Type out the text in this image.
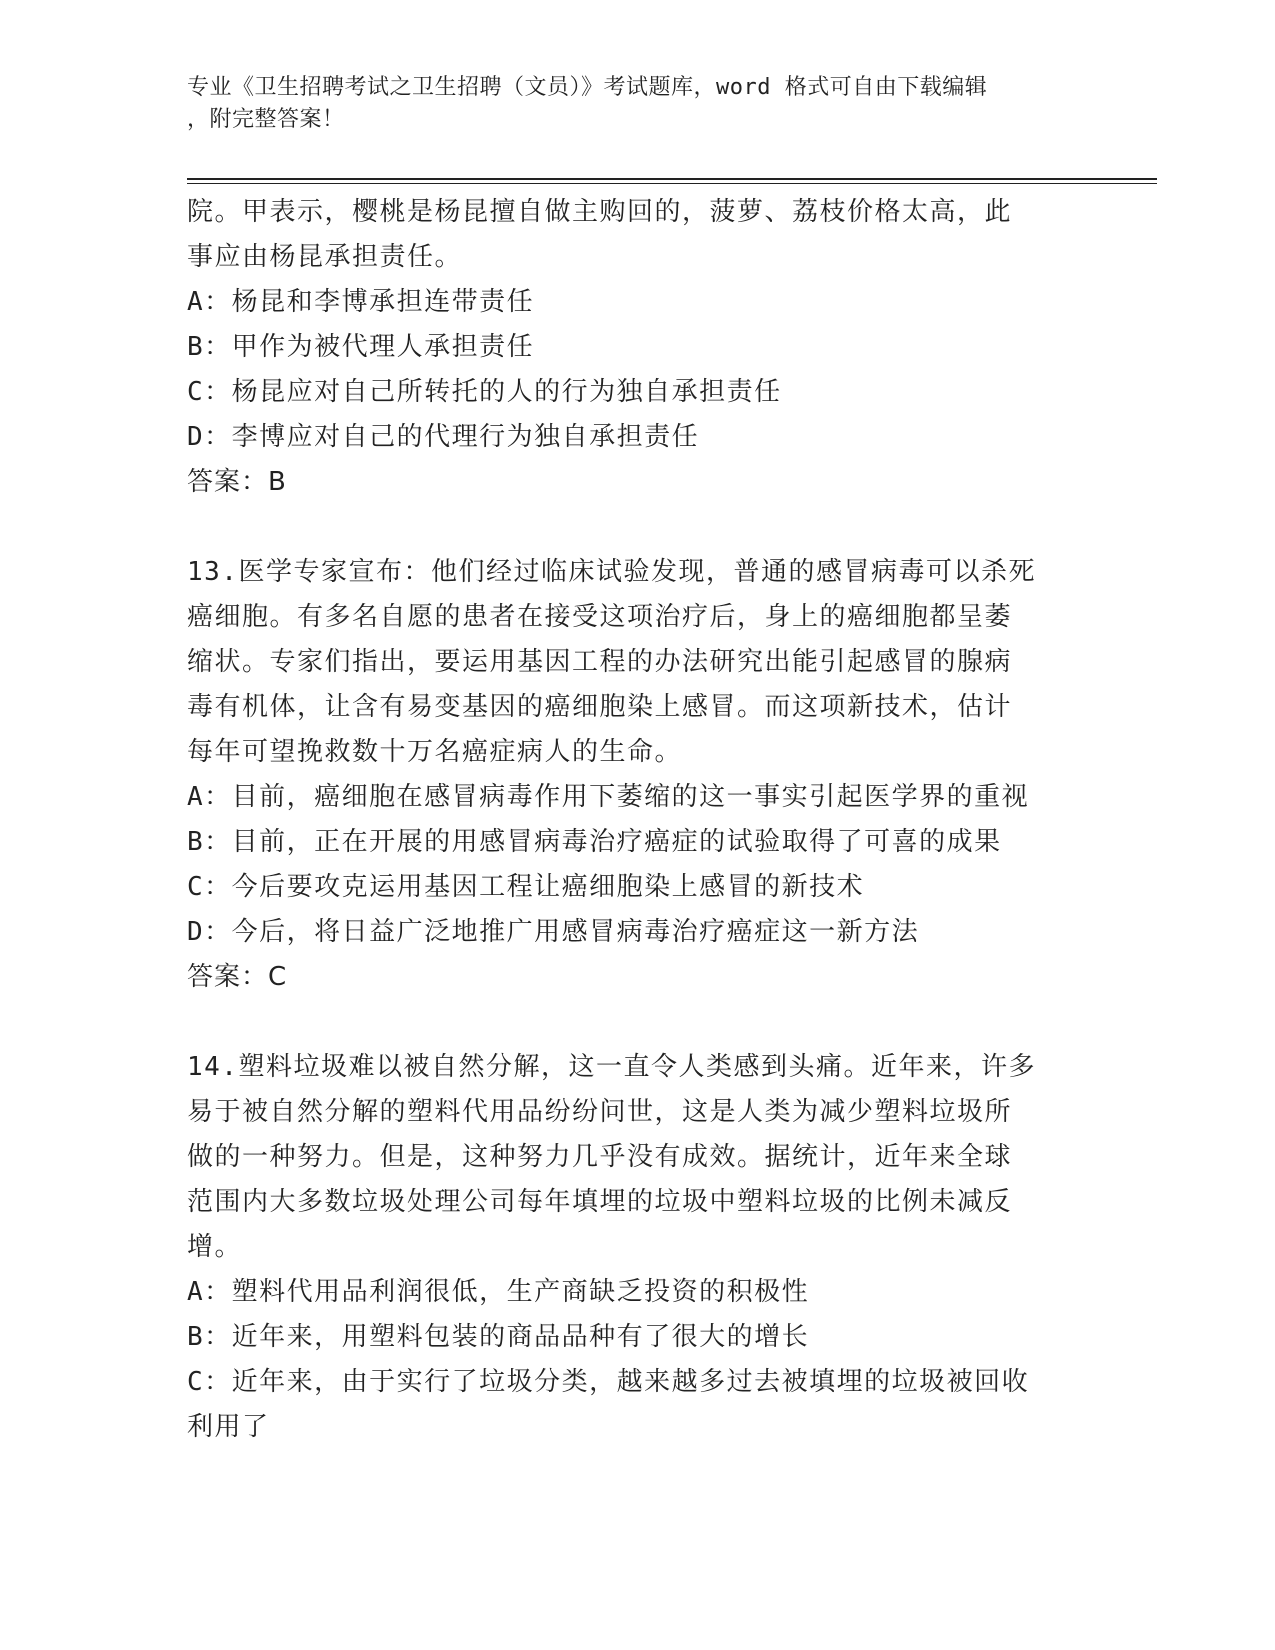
专业《卫生招聘考试之卫生招聘（文员）》考试题库，word 格式可自由下载编辑
，附完整答案！

院。甲表示，樱桃是杨昆擅自做主购回的，菠萝、荔枝价格太高，此

事应由杨昆承担责任。

A：杨昆和李博承担连带责任

B：甲作为被代理人承担责任

C：杨昆应对自己所转托的人的行为独自承担责任

D：李博应对自己的代理行为独自承担责任

答案：B

13.医学专家宣布：他们经过临床试验发现，普通的感冒病毒可以杀死

癌细胞。有多名自愿的患者在接受这项治疗后，身上的癌细胞都呈萎

缩状。专家们指出，要运用基因工程的办法研究出能引起感冒的腺病

毒有机体，让含有易变基因的癌细胞染上感冒。而这项新技术，估计

每年可望挽救数十万名癌症病人的生命。

A：目前，癌细胞在感冒病毒作用下萎缩的这一事实引起医学界的重视

B：目前，正在开展的用感冒病毒治疗癌症的试验取得了可喜的成果

C：今后要攻克运用基因工程让癌细胞染上感冒的新技术

D：今后，将日益广泛地推广用感冒病毒治疗癌症这一新方法

答案：C

14.塑料垃圾难以被自然分解，这一直令人类感到头痛。近年来，许多

易于被自然分解的塑料代用品纷纷问世，这是人类为减少塑料垃圾所

做的一种努力。但是，这种努力几乎没有成效。据统计，近年来全球

范围内大多数垃圾处理公司每年填埋的垃圾中塑料垃圾的比例未减反

增。

A：塑料代用品利润很低，生产商缺乏投资的积极性

B：近年来，用塑料包装的商品品种有了很大的增长

C：近年来，由于实行了垃圾分类，越来越多过去被填埋的垃圾被回收

利用了
